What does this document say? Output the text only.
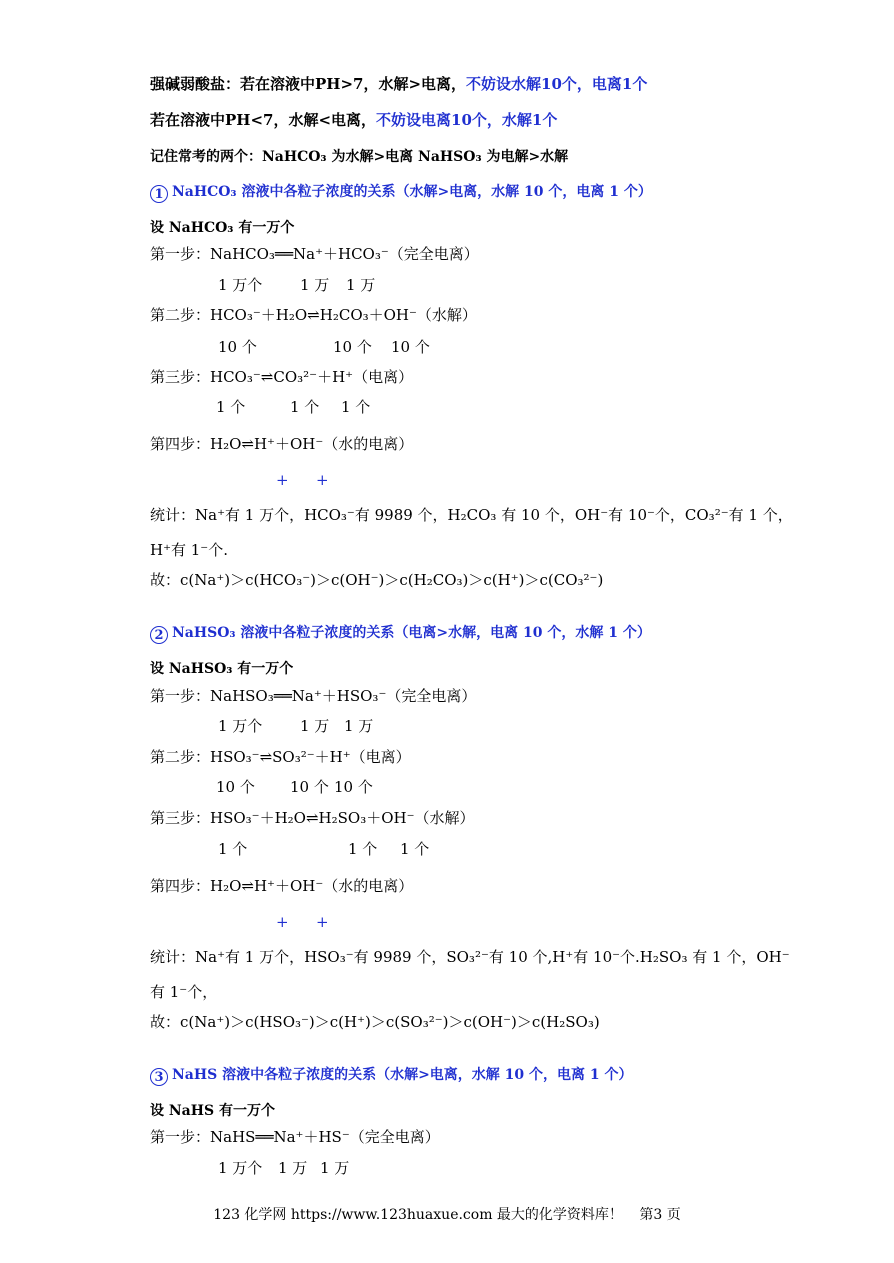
强碱弱酸盐：若在溶液中PH>7，水解>电离，不妨设水解10个，电离1个
若在溶液中PH<7，水解<电离，不妨设电离10个，水解1个
记住常考的两个：NaHCO₃ 为水解>电离 NaHSO₃ 为电解>水解
1 NaHCO₃ 溶液中各粒子浓度的关系（水解>电离，水解 10 个，电离 1 个）
设 NaHCO₃ 有一万个
第一步：NaHCO₃══Na⁺＋HCO₃⁻（完全电离）
1 万个	1 万 1 万
第二步：HCO₃⁻＋H₂O⇌H₂CO₃＋OH⁻（水解）
10 个	10 个 10 个
第三步：HCO₃⁻⇌CO₃²⁻＋H⁺（电离）
1 个	1 个 1 个
第四步：H₂O⇌H⁺＋OH⁻（水的电离）
+ +
统计：Na⁺有 1 万个，HCO₃⁻有 9989 个，H₂CO₃ 有 10 个，OH⁻有 10⁻个，CO₃²⁻有 1 个，
H⁺有 1⁻个.
故：c(Na⁺)＞c(HCO₃⁻)＞c(OH⁻)＞c(H₂CO₃)＞c(H⁺)＞c(CO₃²⁻)
2 NaHSO₃ 溶液中各粒子浓度的关系（电离>水解，电离 10 个，水解 1 个）
设 NaHSO₃ 有一万个
第一步：NaHSO₃══Na⁺＋HSO₃⁻（完全电离）
1 万个	1 万 1 万
第二步：HSO₃⁻⇌SO₃²⁻＋H⁺（电离）
10 个 10 个 10 个
第三步：HSO₃⁻＋H₂O⇌H₂SO₃＋OH⁻（水解）
1 个	1 个 1 个
第四步：H₂O⇌H⁺＋OH⁻（水的电离）
+ +
统计：Na⁺有 1 万个，HSO₃⁻有 9989 个，SO₃²⁻有 10 个,H⁺有 10⁻个.H₂SO₃ 有 1 个，OH⁻
有 1⁻个，
故：c(Na⁺)＞c(HSO₃⁻)＞c(H⁺)＞c(SO₃²⁻)＞c(OH⁻)＞c(H₂SO₃)
3 NaHS 溶液中各粒子浓度的关系（水解>电离，水解 10 个，电离 1 个）
设 NaHS 有一万个
第一步：NaHS══Na⁺＋HS⁻（完全电离）
1 万个 1 万 1 万
123 化学网 https://www.123huaxue.com 最大的化学资料库！ 第3 页
